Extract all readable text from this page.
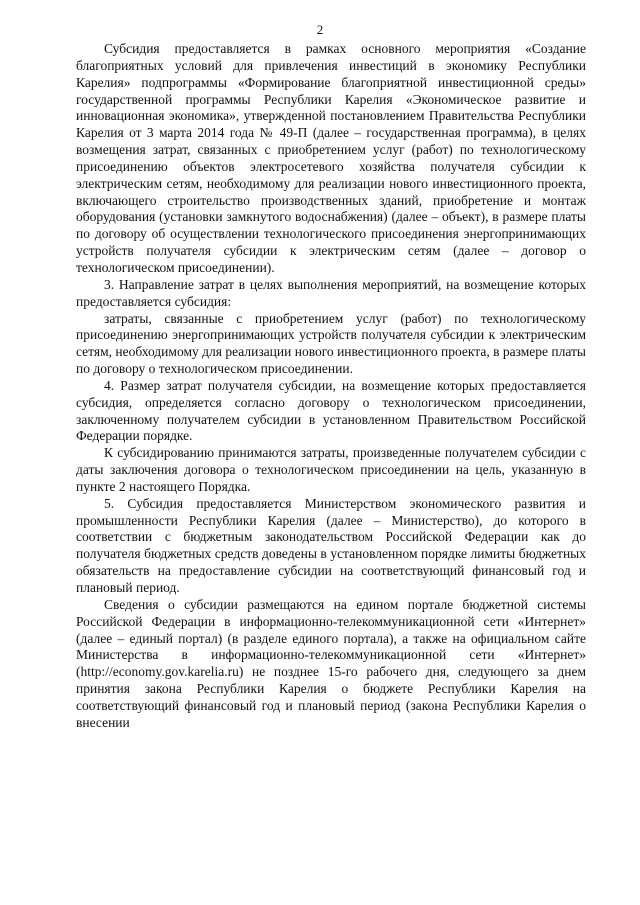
2

Субсидия предоставляется в рамках основного мероприятия «Создание благоприятных условий для привлечения инвестиций в экономику Республики Карелия» подпрограммы «Формирование благоприятной инвестиционной среды» государственной программы Республики Карелия «Экономическое развитие и инновационная экономика», утвержденной постановлением Правительства Республики Карелия от 3 марта 2014 года № 49-П (далее – государственная программа), в целях возмещения затрат, связанных с приобретением услуг (работ) по технологическому присоединению объектов электросетевого хозяйства получателя субсидии к электрическим сетям, необходимому для реализации нового инвестиционного проекта, включающего строительство производственных зданий, приобретение и монтаж оборудования (установки замкнутого водоснабжения) (далее – объект), в размере платы по договору об осуществлении технологического присоединения энергопринимающих устройств получателя субсидии к электрическим сетям (далее – договор о технологическом присоединении).

3. Направление затрат в целях выполнения мероприятий, на возмещение которых предоставляется субсидия:

затраты, связанные с приобретением услуг (работ) по технологическому присоединению энергопринимающих устройств получателя субсидии к электрическим сетям, необходимому для реализации нового инвестиционного проекта, в размере платы по договору о технологическом присоединении.

4. Размер затрат получателя субсидии, на возмещение которых предоставляется субсидия, определяется согласно договору о технологическом присоединении, заключенному получателем субсидии в установленном Правительством Российской Федерации порядке.

К субсидированию принимаются затраты, произведенные получателем субсидии с даты заключения договора о технологическом присоединении на цель, указанную в пункте 2 настоящего Порядка.

5. Субсидия предоставляется Министерством экономического развития и промышленности Республики Карелия (далее – Министерство), до которого в соответствии с бюджетным законодательством Российской Федерации как до получателя бюджетных средств доведены в установленном порядке лимиты бюджетных обязательств на предоставление субсидии на соответствующий финансовый год и плановый период.

Сведения о субсидии размещаются на едином портале бюджетной системы Российской Федерации в информационно-телекоммуникационной сети «Интернет» (далее – единый портал) (в разделе единого портала), а также на официальном сайте Министерства в информационно-телекоммуникационной сети «Интернет» (http://economy.gov.karelia.ru) не позднее 15-го рабочего дня, следующего за днем принятия закона Республики Карелия о бюджете Республики Карелия на соответствующий финансовый год и плановый период (закона Республики Карелия о внесении
